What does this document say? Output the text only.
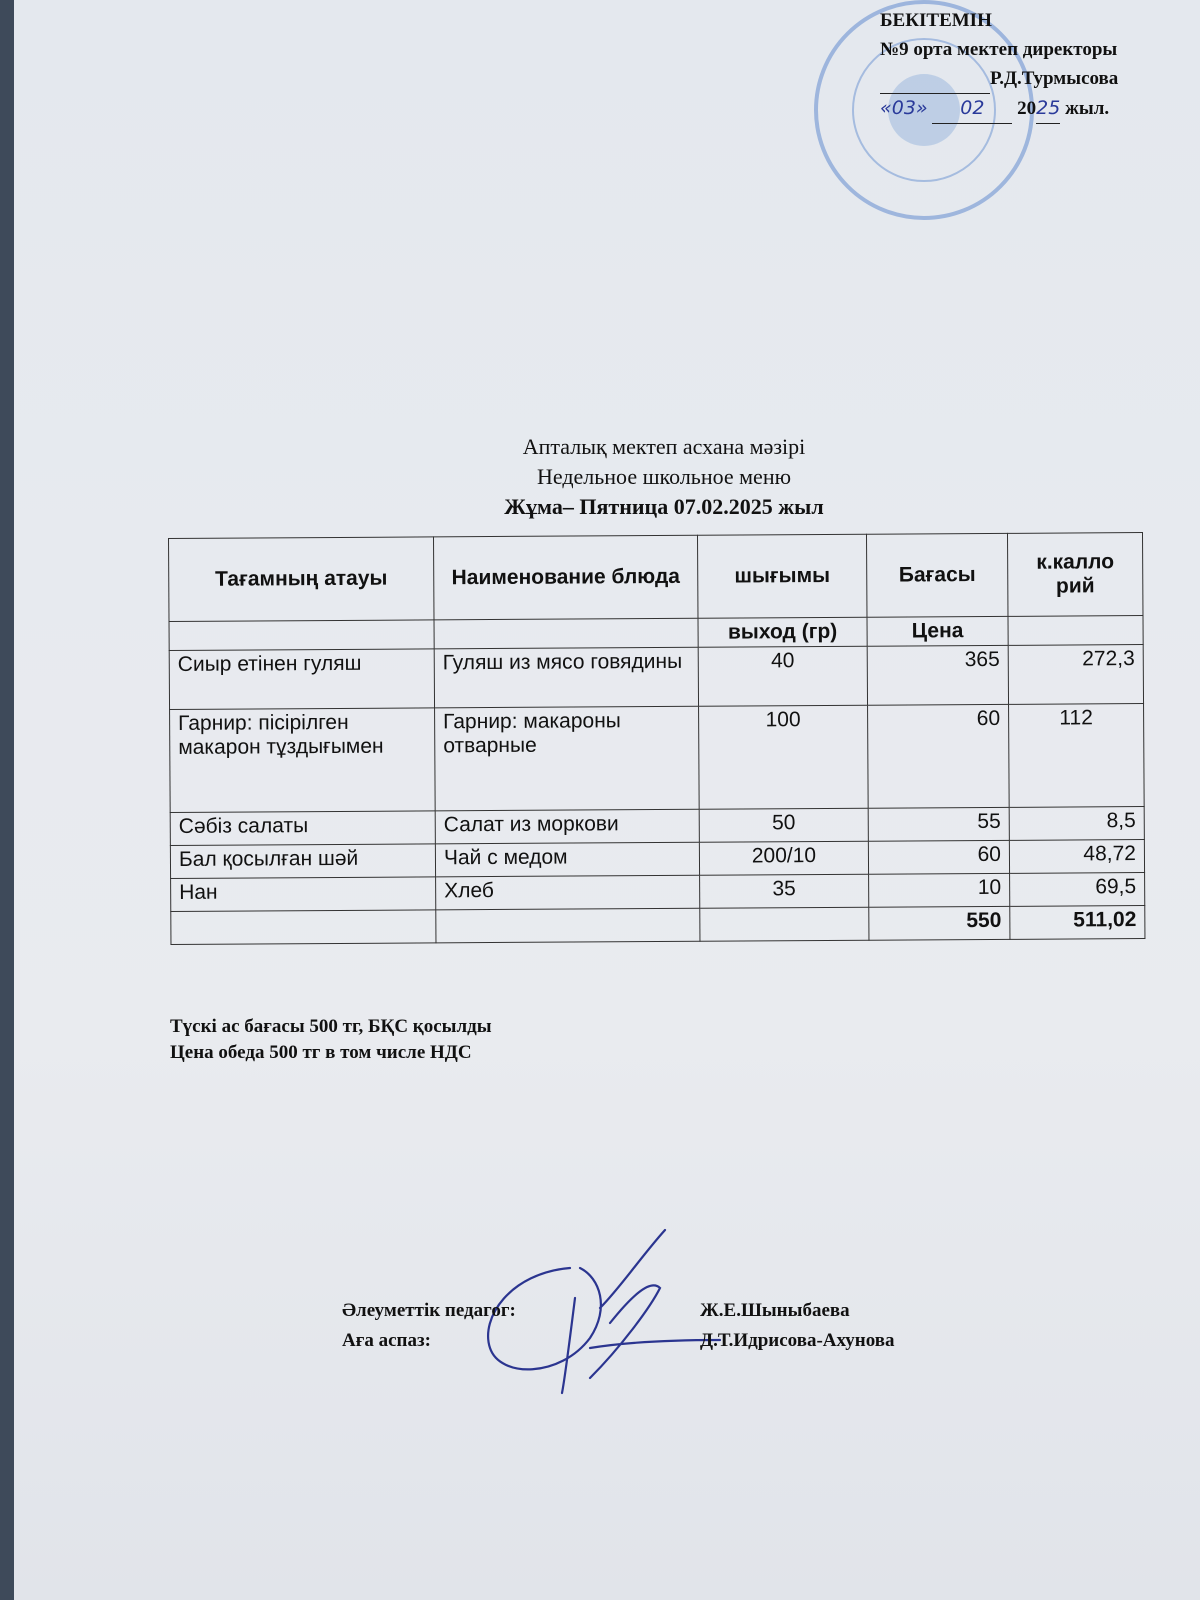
БЕКІТЕМІН
№9 орта мектеп директоры
Р.Д.Турмысова
«03» 02 2025 жыл.
Апталық мектеп асхана мәзірі
Недельное школьное меню
Жұма– Пятница 07.02.2025 жыл
Тағамның атауы	Наименование блюда	шығымы	Бағасы	к.калло рий
		выход (гр)	Цена	
Сиыр етінен гуляш	Гуляш из мясо говядины	40	365	272,3
Гарнир: пісірілген макарон тұздығымен	Гарнир: макароны отварные	100	60	112
Сәбіз салаты	Салат из моркови	50	55	8,5
Бал қосылған шәй	Чай с медом	200/10	60	48,72
Нан	Хлеб	35	10	69,5
			550	511,02
Түскі ас бағасы 500 тг, БҚС қосылды
Цена обеда 500 тг в том числе НДС
Әлеуметтік педагог:	Ж.Е.Шыныбаева
Аға аспаз:	Д.Т.Идрисова-Ахунова
